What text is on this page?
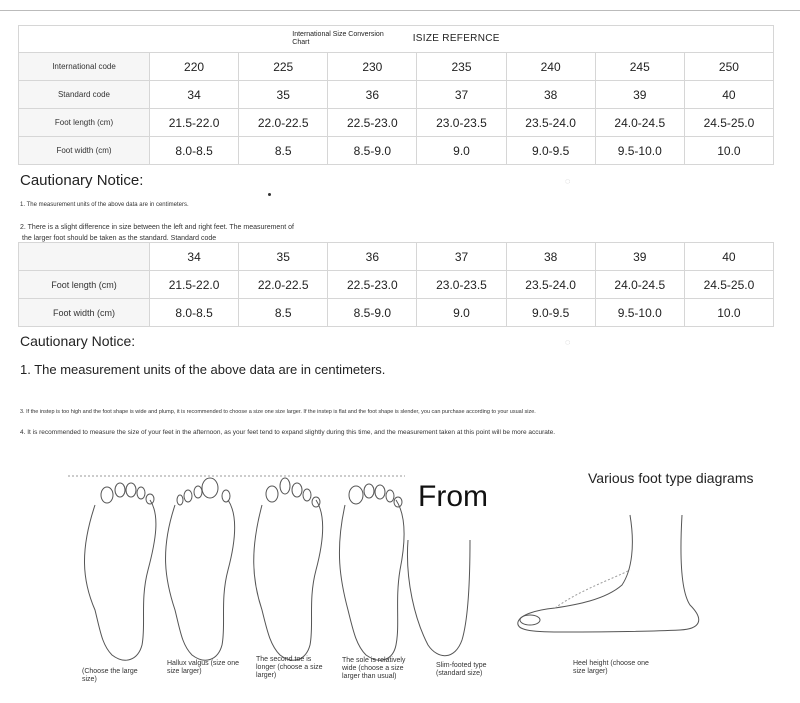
International Size Conversion Chart ISIZE REFERNCE							
International code	220	225	230	235	240	245	250
Standard code	34	35	36	37	38	39	40
Foot length (cm)	21.5-22.0	22.0-22.5	22.5-23.0	23.0-23.5	23.5-24.0	24.0-24.5	24.5-25.0
Foot width (cm)	8.0-8.5	8.5	8.5-9.0	9.0	9.0-9.5	9.5-10.0	10.0
Cautionary Notice:	◌
1. The measurement units of the above data are in centimeters.
2. There is a slight difference in size between the left and right feet. The measurement of
the larger foot should be taken as the standard. Standard code
	34	35	36	37	38	39	40
Foot length (cm)	21.5-22.0	22.0-22.5	22.5-23.0	23.0-23.5	23.5-24.0	24.0-24.5	24.5-25.0
Foot width (cm)	8.0-8.5	8.5	8.5-9.0	9.0	9.0-9.5	9.5-10.0	10.0
Cautionary Notice:	◌
1. The measurement units of the above data are in centimeters.
3. If the instep is too high and the foot shape is wide and plump, it is recommended to choose a size one size larger. If the instep is flat and the foot shape is slender, you can purchase according to your usual size.
4. It is recommended to measure the size of your feet in the afternoon, as your feet tend to expand slightly during this time, and the measurement taken at this point will be more accurate.
From
Various foot type diagrams
(Choose the large size)
Hallux valgus (size one size larger)
The second toe is longer (choose a size larger)
The sole is relatively wide (choose a size larger than usual)
Slim-footed type (standard size)
Heel height (choose one size larger)
